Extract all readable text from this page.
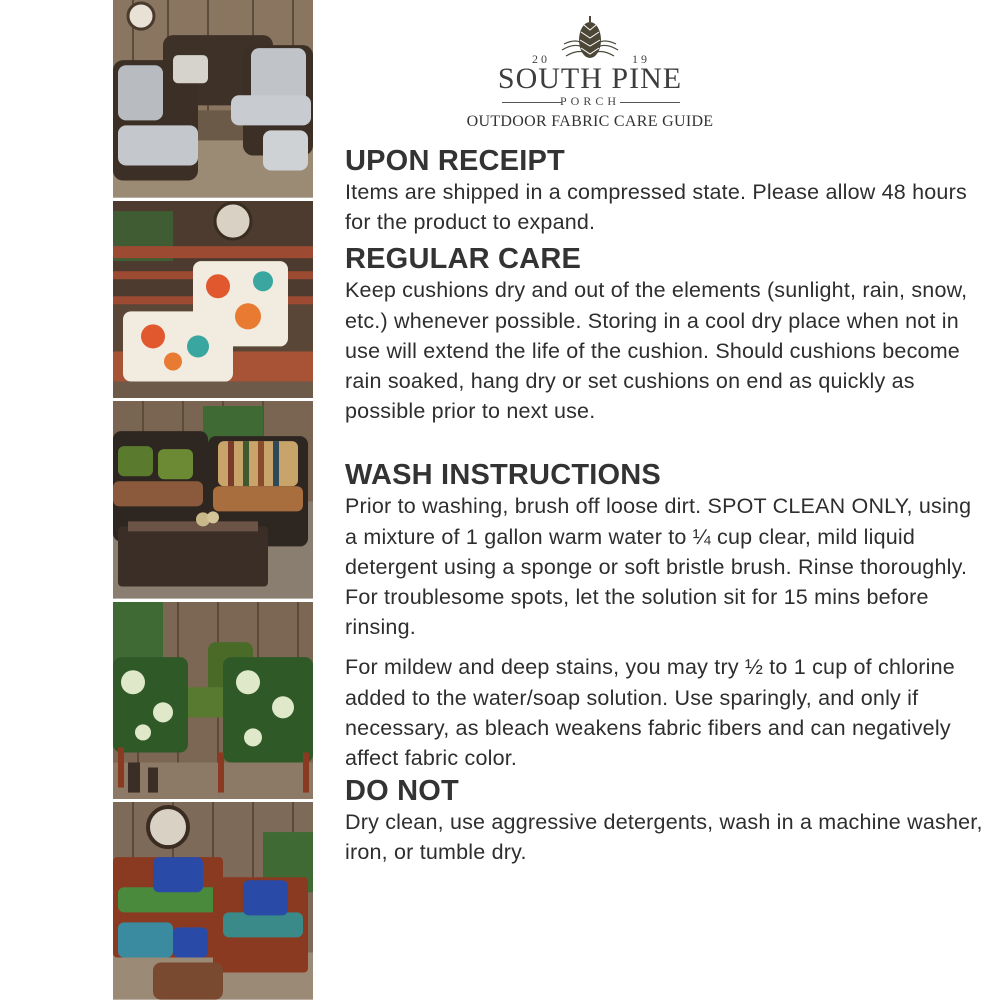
20	19
SOUTH PINE
PORCH
OUTDOOR FABRIC CARE GUIDE
UPON RECEIPT

Items are shipped in a compressed state. Please allow 48 hours for the product to expand.

REGULAR CARE

Keep cushions dry and out of the elements (sunlight, rain, snow, etc.) whenever possible. Storing in a cool dry place when not in use will extend the life of the cushion. Should cushions become rain soaked, hang dry or set cushions on end as quickly as possible prior to next use.

WASH INSTRUCTIONS

Prior to washing, brush off loose dirt. SPOT CLEAN ONLY, using a mixture of 1 gallon warm water to ¼ cup clear, mild liquid detergent using a sponge or soft bristle brush. Rinse thoroughly. For troublesome spots, let the solution sit for 15 mins before rinsing.

For mildew and deep stains, you may try ½ to 1 cup of chlorine added to the water/soap solution. Use sparingly, and only if necessary, as bleach weakens fabric fibers and can negatively affect fabric color.

DO NOT

Dry clean, use aggressive detergents, wash in a machine washer, iron, or tumble dry.
